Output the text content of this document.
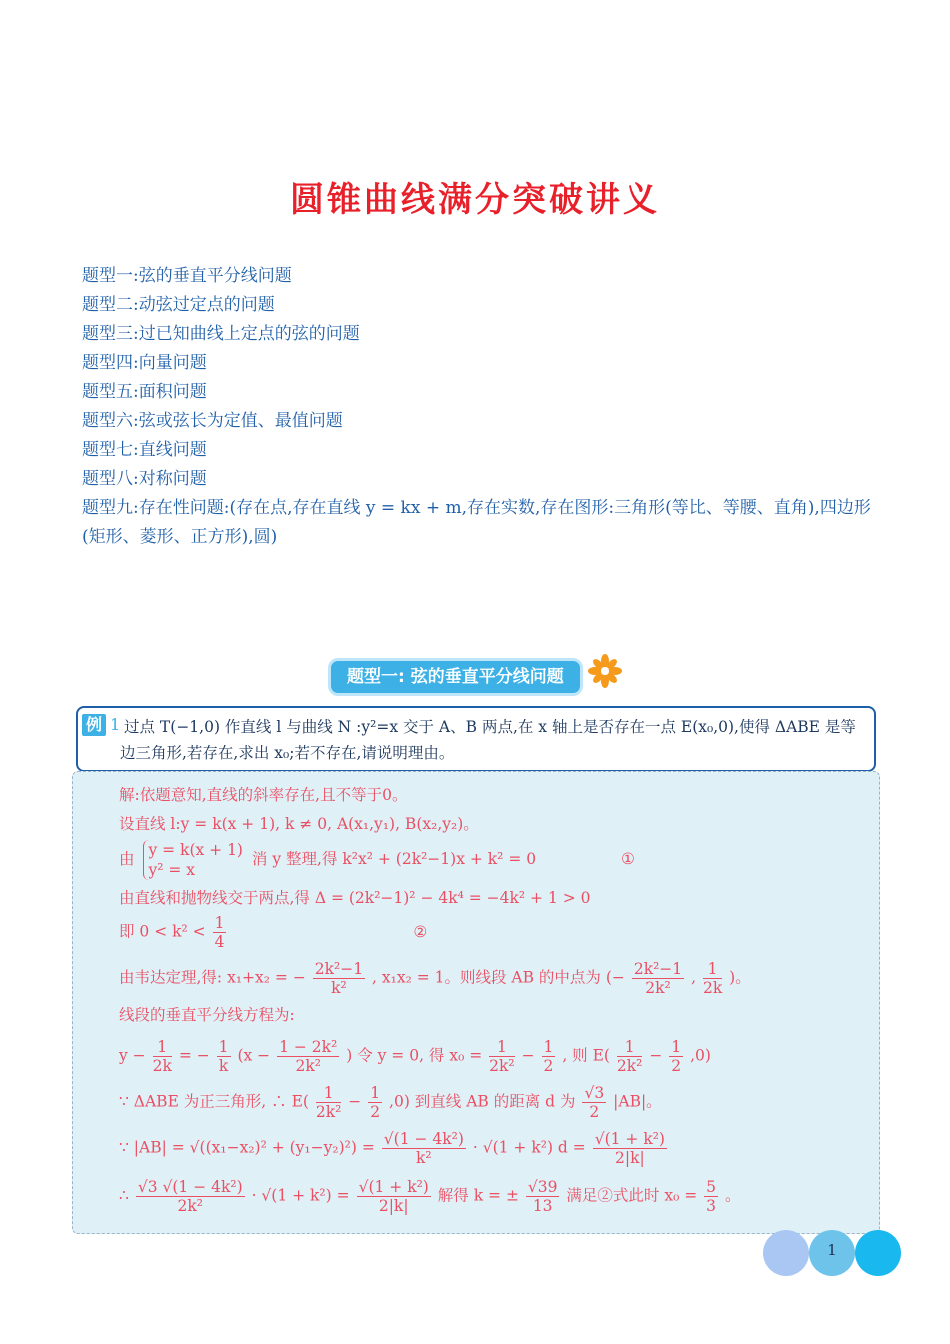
圆锥曲线满分突破讲义
题型一:弦的垂直平分线问题
题型二:动弦过定点的问题
题型三:过已知曲线上定点的弦的问题
题型四:向量问题
题型五:面积问题
题型六:弦或弦长为定值、最值问题
题型七:直线问题
题型八:对称问题
题型九:存在性问题:(存在点,存在直线 y = kx + m,存在实数,存在图形:三角形(等比、等腰、直角),四边形(矩形、菱形、正方形),圆)
题型一: 弦的垂直平分线问题
例 1 过点 T(−1,0) 作直线 l 与曲线 N :y²=x 交于 A、B 两点,在 x 轴上是否存在一点 E(x₀,0),使得 ΔABE 是等边三角形,若存在,求出 x₀;若不存在,请说明理由。
解:依题意知,直线的斜率存在,且不等于0。
设直线 l:y = k(x + 1), k ≠ 0, A(x₁,y₁), B(x₂,y₂)。
由 y = k(x + 1)
y² = x
消 y 整理,得 k²x² + (2k²−1)x + k² = 0	①
由直线和抛物线交于两点,得 Δ = (2k²−1)² − 4k⁴ = −4k² + 1 > 0
即 $0 < k^2 < \frac{1}{4}$	②
由韦达定理,得: x₁+x₂ = − $\frac{\text{2k²−1}}{\text{k²}}$ , x₁x₂ = 1。则线段 AB 的中点为 (− $\frac{\text{2k²−1}}{\text{2k²}}$ , $\frac{1}{2k}$ )。
线段的垂直平分线方程为:
$y - \frac{1}{2k}$ = − $\frac{1}{k} (x - \frac{\text{1 − 2k²}}{\text{2k²}}$ ) 令 y = 0, 得 $x_0 = \frac{1}{\text{2k²}} - \frac{1}{2}$ , 则 $E( \frac{1}{\text{2k²}} - \frac{1}{2} ,0)$
∵ ΔABE 为正三角形, ∴ $E( \frac{1}{\text{2k²}} - \frac{1}{2} ,0)$ 到直线 AB 的距离 d 为 $\frac{√3}{2} |AB|$。
∵ $|AB| = √((x_1-x_2)^2 + (y_1-y_2)^2) = \frac{\text{√(1 − 4k²)}}{\text{k²}} \cdot √(1 + k^2) d = \frac{\text{√(1 + k²)}}{2|k|}$
∴ $\frac{\text{√3 √(1 − 4k²)}}{\text{2k²}} \cdot √(1 + k^2) = \frac{\text{√(1 + k²)}}{2|k|}$ 解得 k = ± $\frac{√39}{13}$ 满足②式此时 $x_0 = \frac{5}{3}$ 。
1
